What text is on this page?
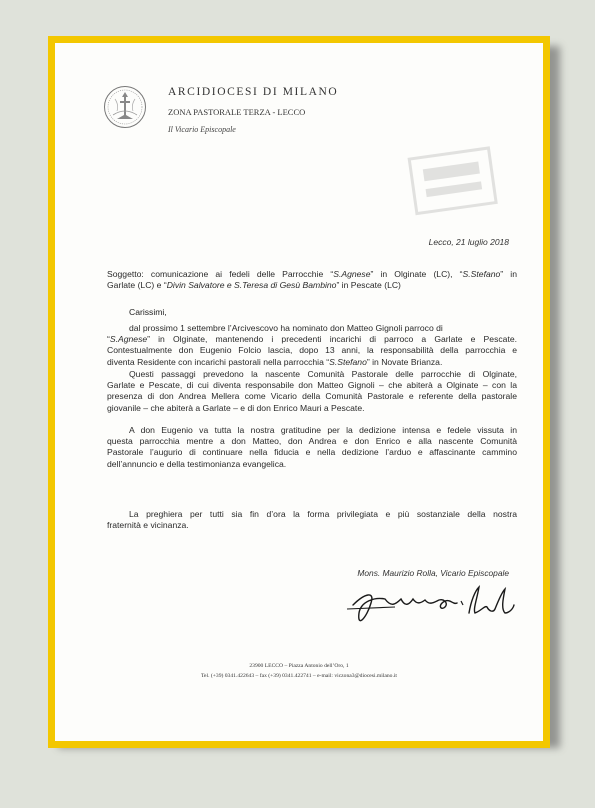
ARCIDIOCESI DI MILANO
ZONA PASTORALE TERZA - LECCO
Il Vicario Episcopale
Lecco, 21 luglio 2018
Soggetto: comunicazione ai fedeli delle Parrocchie “S.Agnese” in Olginate (LC), “S.Stefano” in
Garlate (LC) e “Divin Salvatore e S.Teresa di Gesù Bambino” in Pescate (LC)
Carissimi,
dal prossimo 1 settembre l’Arcivescovo ha nominato don Matteo Gignoli parroco di
“S.Agnese” in Olginate, mantenendo i precedenti incarichi di parroco a Garlate e Pescate.
Contestualmente don Eugenio Folcio lascia, dopo 13 anni, la responsabilità della parrocchia e
diventa Residente con incarichi pastorali nella parrocchia “S.Stefano” in Novate Brianza.
Questi passaggi prevedono la nascente Comunità Pastorale delle parrocchie di Olginate,
Garlate e Pescate, di cui diventa responsabile don Matteo Gignoli – che abiterà a Olginate – con la
presenza di don Andrea Mellera come Vicario della Comunità Pastorale e referente della pastorale
giovanile – che abiterà a Garlate – e di don Enrico Mauri a Pescate.
A don Eugenio va tutta la nostra gratitudine per la dedizione intensa e fedele vissuta in
questa parrocchia mentre a don Matteo, don Andrea e don Enrico e alla nascente Comunità
Pastorale l’augurio di continuare nella fiducia e nella dedizione l’arduo e affascinante cammino
dell’annuncio e della testimonianza evangelica.
La preghiera per tutti sia fin d’ora la forma privilegiata e più sostanziale della nostra
fraternità e vicinanza.
Mons. Maurizio Rolla, Vicario Episcopale
23900 LECCO – Piazza Antonio dell’Oro, 1
Tel. (+39) 0341.422643 – fax (+39) 0341.422741 – e-mail: viczona3@diocesi.milano.it
